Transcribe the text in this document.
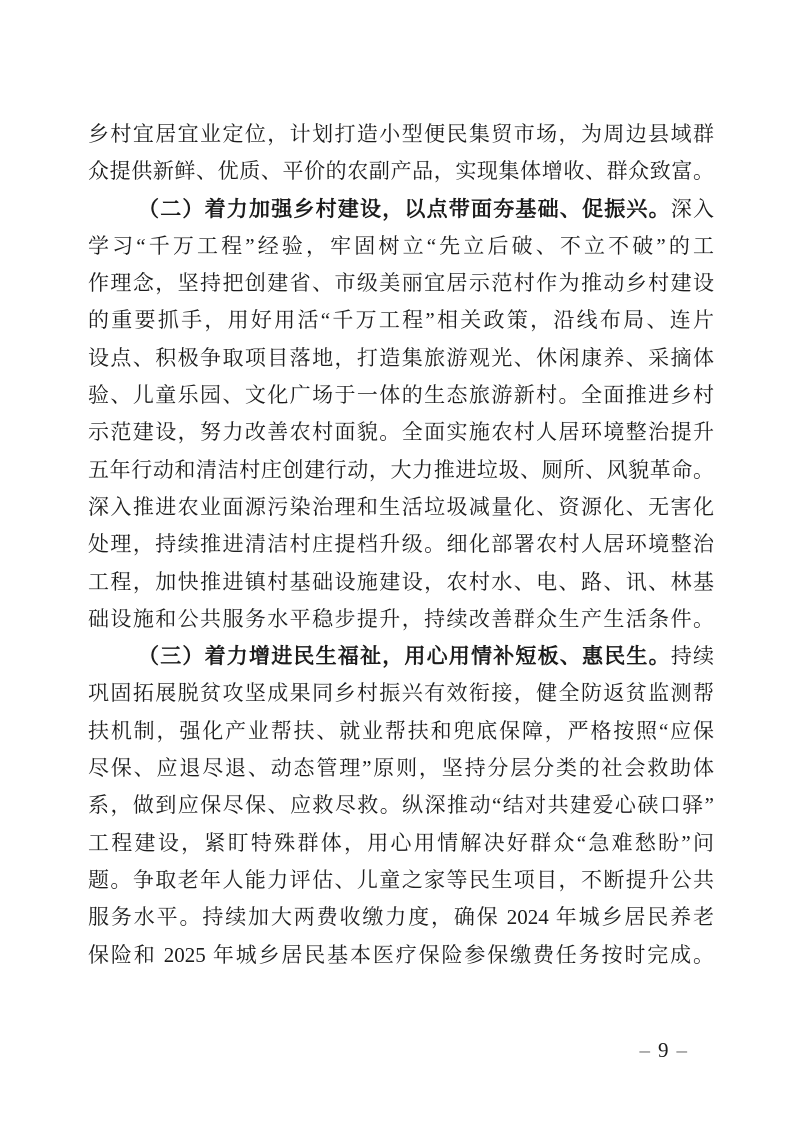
乡村宜居宜业定位，计划打造小型便民集贸市场，为周边县域群
众提供新鲜、优质、平价的农副产品，实现集体增收、群众致富。
（二）着力加强乡村建设，以点带面夯基础、促振兴。深入
学习“千万工程”经验，牢固树立“先立后破、不立不破”的工
作理念，坚持把创建省、市级美丽宜居示范村作为推动乡村建设
的重要抓手，用好用活“千万工程”相关政策，沿线布局、连片
设点、积极争取项目落地，打造集旅游观光、休闲康养、采摘体
验、儿童乐园、文化广场于一体的生态旅游新村。全面推进乡村
示范建设，努力改善农村面貌。全面实施农村人居环境整治提升
五年行动和清洁村庄创建行动，大力推进垃圾、厕所、风貌革命。
深入推进农业面源污染治理和生活垃圾减量化、资源化、无害化
处理，持续推进清洁村庄提档升级。细化部署农村人居环境整治
工程，加快推进镇村基础设施建设，农村水、电、路、讯、林基
础设施和公共服务水平稳步提升，持续改善群众生产生活条件。
（三）着力增进民生福祉，用心用情补短板、惠民生。持续
巩固拓展脱贫攻坚成果同乡村振兴有效衔接，健全防返贫监测帮
扶机制，强化产业帮扶、就业帮扶和兜底保障，严格按照“应保
尽保、应退尽退、动态管理”原则，坚持分层分类的社会救助体
系，做到应保尽保、应救尽救。纵深推动“结对共建爱心硖口驿”
工程建设，紧盯特殊群体，用心用情解决好群众“急难愁盼”问
题。争取老年人能力评估、儿童之家等民生项目，不断提升公共
服务水平。持续加大两费收缴力度，确保 2024 年城乡居民养老
保险和 2025 年城乡居民基本医疗保险参保缴费任务按时完成。
– 9 –
